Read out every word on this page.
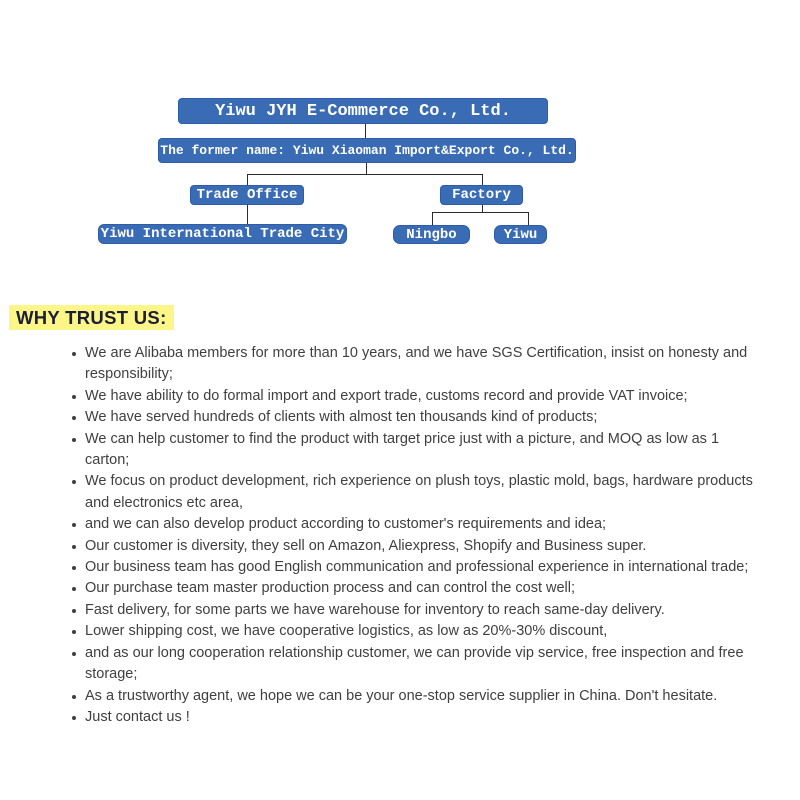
Yiwu JYH E-Commerce Co., Ltd.
The former name: Yiwu Xiaoman Import&Export Co., Ltd.
Trade Office	Factory
Yiwu International Trade City	Ningbo	Yiwu
WHY TRUST US:
We are Alibaba members for more than 10 years, and we have SGS Certification, insist on honesty and responsibility;
We have ability to do formal import and export trade, customs record and provide VAT invoice;
We have served hundreds of clients with almost ten thousands kind of products;
We can help customer to find the product with target price just with a picture, and MOQ as low as 1 carton;
We focus on product development, rich experience on plush toys, plastic mold, bags, hardware products and electronics etc area,
and we can also develop product according to customer's requirements and idea;
Our customer is diversity, they sell on Amazon, Aliexpress, Shopify and Business super.
Our business team has good English communication and professional experience in international trade;
Our purchase team master production process and can control the cost well;
Fast delivery, for some parts we have warehouse for inventory to reach same-day delivery.
Lower shipping cost, we have cooperative logistics, as low as 20%-30% discount,
and as our long cooperation relationship customer, we can provide vip service, free inspection and free storage;
As a trustworthy agent, we hope we can be your one-stop service supplier in China. Don't hesitate.
Just contact us !
